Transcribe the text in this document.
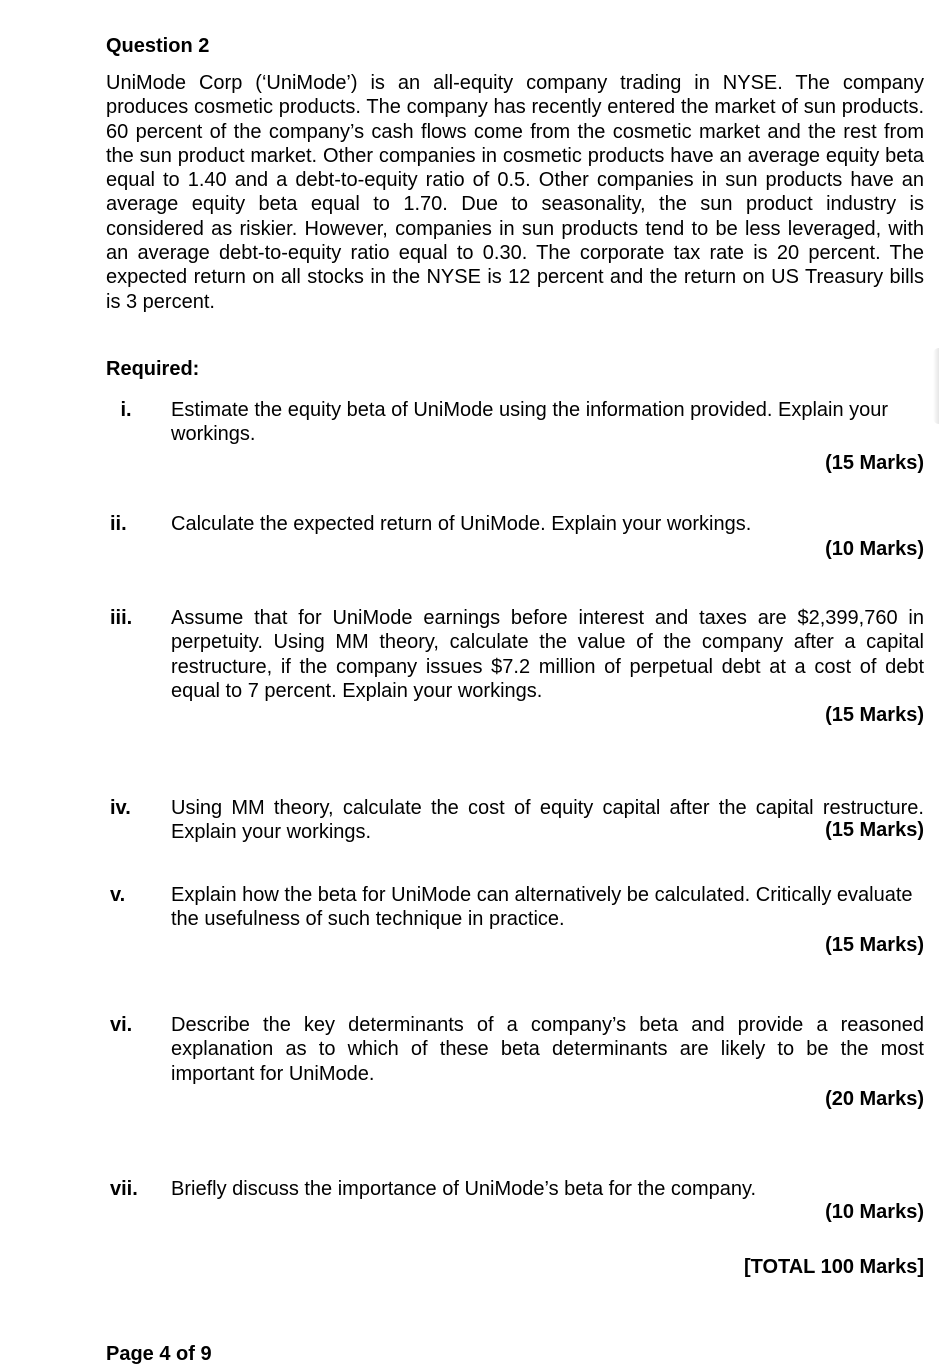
Question 2
UniMode Corp (‘UniMode’) is an all-equity company trading in NYSE. The company produces cosmetic products. The company has recently entered the market of sun products. 60 percent of the company’s cash flows come from the cosmetic market and the rest from the sun product market. Other companies in cosmetic products have an average equity beta equal to 1.40 and a debt-to-equity ratio of 0.5. Other companies in sun products have an average equity beta equal to 1.70. Due to seasonality, the sun product industry is considered as riskier. However, companies in sun products tend to be less leveraged, with an average debt-to-equity ratio equal to 0.30. The corporate tax rate is 20 percent. The expected return on all stocks in the NYSE is 12 percent and the return on US Treasury bills is 3 percent.
Required:
i.	Estimate the equity beta of UniMode using the information provided. Explain your workings.
(15 Marks)
ii.	Calculate the expected return of UniMode. Explain your workings.
(10 Marks)
iii.	Assume that for UniMode earnings before interest and taxes are $2,399,760 in perpetuity. Using MM theory, calculate the value of the company after a capital restructure, if the company issues $7.2 million of perpetual debt at a cost of debt equal to 7 percent. Explain your workings.
(15 Marks)
iv.	Using MM theory, calculate the cost of equity capital after the capital restructure. Explain your workings.	(15 Marks)
v.	Explain how the beta for UniMode can alternatively be calculated. Critically evaluate the usefulness of such technique in practice.
(15 Marks)
vi.	Describe the key determinants of a company’s beta and provide a reasoned explanation as to which of these beta determinants are likely to be the most important for UniMode.
(20 Marks)
vii.	Briefly discuss the importance of UniMode’s beta for the company.
(10 Marks)
[TOTAL 100 Marks]
Page 4 of 9
